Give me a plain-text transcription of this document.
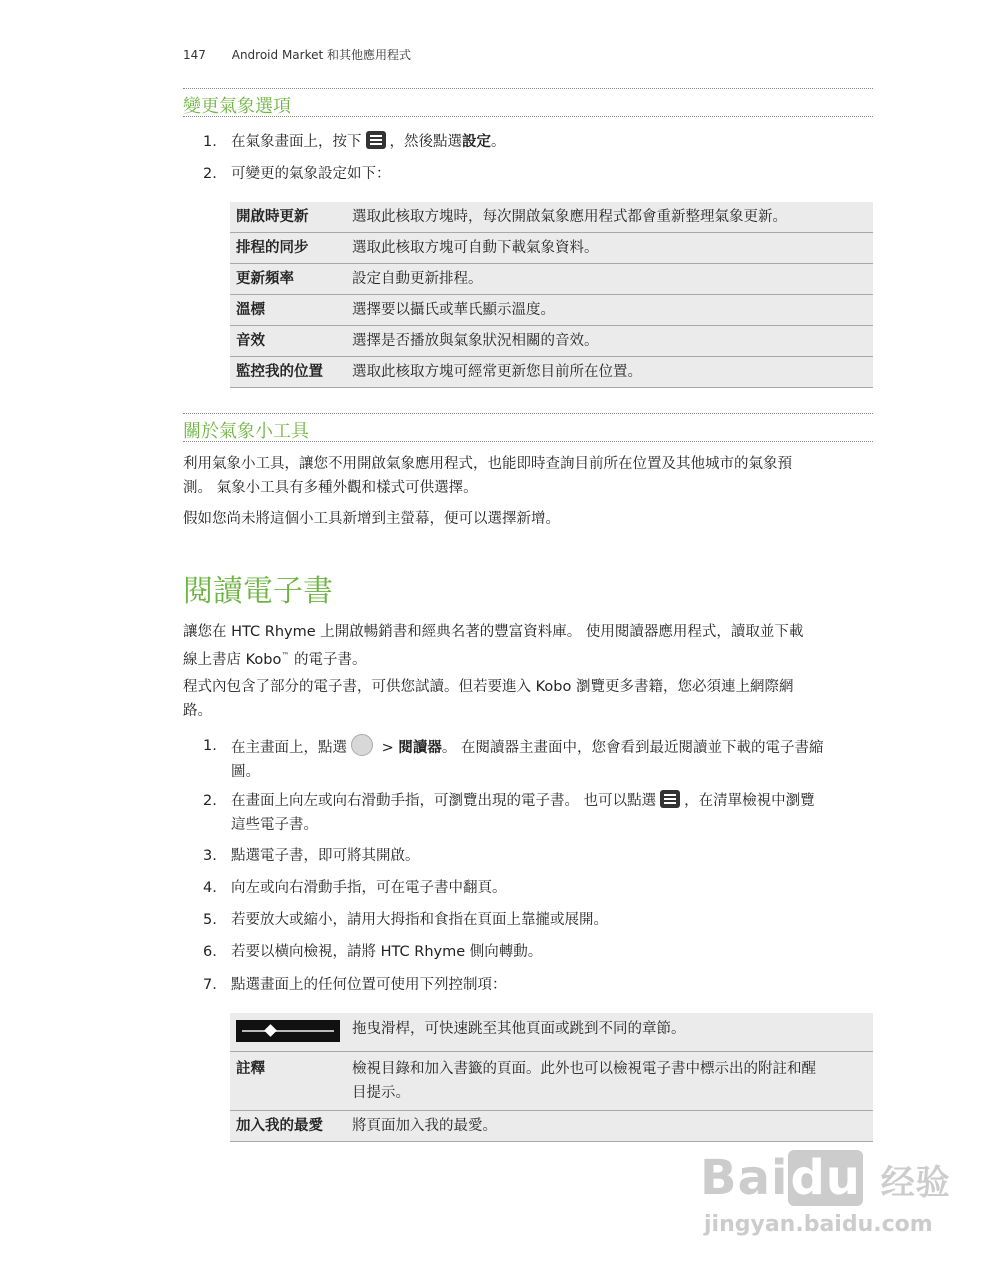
147 Android Market 和其他應用程式
變更氣象選項
1. 在氣象畫面上，按下 ，然後點選設定。
2. 可變更的氣象設定如下：
開啟時更新	選取此核取方塊時，每次開啟氣象應用程式都會重新整理氣象更新。
排程的同步	選取此核取方塊可自動下載氣象資料。
更新頻率	設定自動更新排程。
溫標	選擇要以攝氏或華氏顯示溫度。
音效	選擇是否播放與氣象狀況相關的音效。
監控我的位置	選取此核取方塊可經常更新您目前所在位置。
關於氣象小工具
利用氣象小工具，讓您不用開啟氣象應用程式，也能即時查詢目前所在位置及其他城市的氣象預
測。 氣象小工具有多種外觀和樣式可供選擇。
假如您尚未將這個小工具新增到主螢幕，便可以選擇新增。
閱讀電子書
讓您在 HTC Rhyme 上開啟暢銷書和經典名著的豐富資料庫。 使用閱讀器應用程式，讀取並下載
線上書店 Kobo™ 的電子書。
程式內包含了部分的電子書，可供您試讀。但若要進入 Kobo 瀏覽更多書籍，您必須連上網際網
路。
1. 在主畫面上，點選 > 閱讀器。 在閱讀器主畫面中，您會看到最近閱讀並下載的電子書縮
圖。
2. 在畫面上向左或向右滑動手指，可瀏覽出現的電子書。 也可以點選 ，在清單檢視中瀏覽
這些電子書。
3. 點選電子書，即可將其開啟。
4. 向左或向右滑動手指，可在電子書中翻頁。
5. 若要放大或縮小，請用大拇指和食指在頁面上靠攏或展開。
6. 若要以橫向檢視，請將 HTC Rhyme 側向轉動。
7. 點選畫面上的任何位置可使用下列控制項：
	拖曳滑桿，可快速跳至其他頁面或跳到不同的章節。
註釋	檢視目錄和加入書籤的頁面。此外也可以檢視電子書中標示出的附註和醒
目提示。

加入我的最愛	將頁面加入我的最愛。
Baidu 经验
jingyan.baidu.com
